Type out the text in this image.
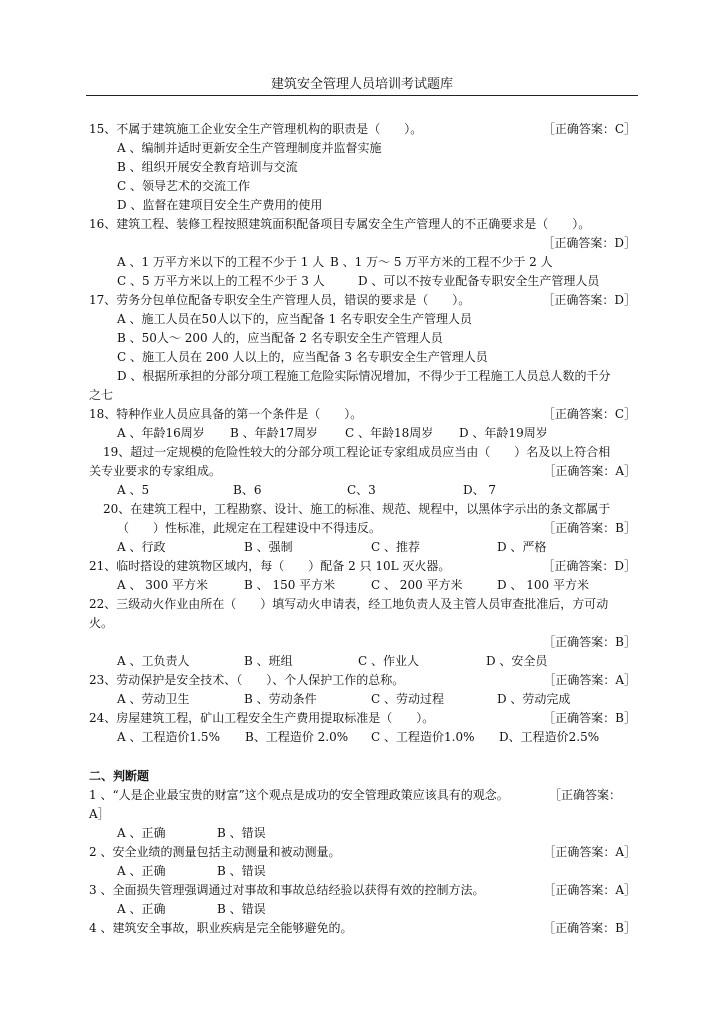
建筑安全管理人员培训考试题库
15、不属于建筑施工企业安全生产管理机构的职责是（　　）。	［正确答案：C］
A 、编制并适时更新安全生产管理制度并监督实施
B 、组织开展安全教育培训与交流
C 、领导艺术的交流工作
D 、监督在建项目安全生产费用的使用
16、建筑工程、装修工程按照建筑面积配备项目专属安全生产管理人的不正确要求是（　　）。
［正确答案：D］
A 、1 万平方米以下的工程不少于 1 人 B 、1 万～ 5 万平方米的工程不少于 2 人
C 、5 万平方米以上的工程不少于 3 人	D 、可以不按专业配备专职安全生产管理人员
17、劳务分包单位配备专职安全生产管理人员，错误的要求是（　　）。	［正确答案：D］
A 、施工人员在50人以下的，应当配备 1 名专职安全生产管理人员
B 、50人～ 200 人的，应当配备 2 名专职安全生产管理人员
C 、施工人员在 200 人以上的，应当配备 3 名专职安全生产管理人员
D 、根据所承担的分部分项工程施工危险实际情况增加，不得少于工程施工人员总人数的千分
之七
18、特种作业人员应具备的第一个条件是（　　）。	［正确答案：C］
A 、年龄16周岁 B 、年龄17周岁 C 、年龄18周岁 D 、年龄19周岁
19、超过一定规模的危险性较大的分部分项工程论证专家组成员应当由（　　）名及以上符合相
关专业要求的专家组成。	［正确答案：A］
A 、5	B、6	C、3	D、 7
20、在建筑工程中，工程勘察、设计、施工的标准、规范、规程中，以黑体字示出的条文都属于
（　　）性标准，此规定在工程建设中不得违反。	［正确答案：B］
A 、行政	B 、强制	C 、推荐	D 、严格
21、临时搭设的建筑物区域内，每（　　）配备 2 只 10L 灭火器。	［正确答案：D］
A 、 300 平方米	B 、 150 平方米	C 、 200 平方米	D 、 100 平方米
22、三级动火作业由所在（　　）填写动火申请表，经工地负责人及主管人员审查批准后，方可动
火。
［正确答案：B］
A 、工负责人	B 、班组	C 、作业人	D 、安全员
23、劳动保护是安全技术、（　　）、个人保护工作的总称。	［正确答案：A］
A 、劳动卫生	B 、劳动条件	C 、劳动过程	D 、劳动完成
24、房屋建筑工程，矿山工程安全生产费用提取标准是（　　）。	［正确答案：B］
A 、工程造价1.5% B、工程造价 2.0% C 、工程造价1.0% D、工程造价2.5%
二、判断题
1 、“人是企业最宝贵的财富”这个观点是成功的安全管理政策应该具有的观念。	［正确答案：
A］
A 、正确	B 、错误
2 、安全业绩的测量包括主动测量和被动测量。	［正确答案：A］
A 、正确	B 、错误
3 、全面损失管理强调通过对事故和事故总结经验以获得有效的控制方法。	［正确答案：A］
A 、正确	B 、错误
4 、建筑安全事故，职业疾病是完全能够避免的。	［正确答案：B］
